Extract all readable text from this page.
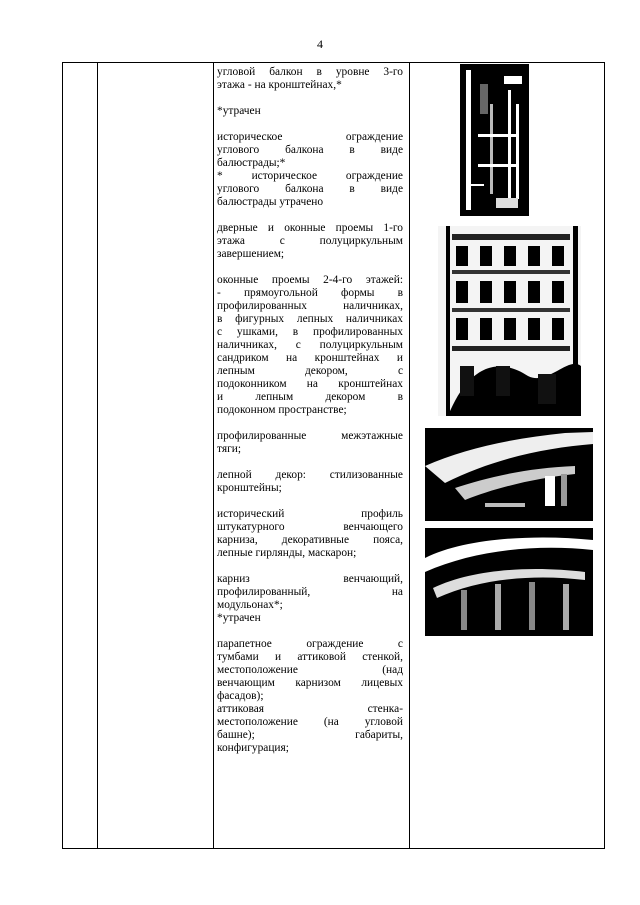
4
угловой балкон в уровне 3-го
этажа - на кронштейнах,*
*утрачен
историческое ограждение
углового балкона в виде
балюстрады;*
* историческое ограждение
углового балкона в виде
балюстрады утрачено
дверные и оконные проемы 1-го
этажа с полуциркульным
завершением;
оконные проемы 2-4-го этажей:
- прямоугольной формы в
профилированных наличниках,
в фигурных лепных наличниках
с ушками, в профилированных
наличниках, с полуциркульным
сандриком на кронштейнах и
лепным декором, с
подоконником на кронштейнах
и лепным декором в
подоконном пространстве;
профилированные межэтажные
тяги;
лепной декор: стилизованные
кронштейны;
исторический профиль
штукатурного венчающего
карниза, декоративные пояса,
лепные гирлянды, маскарон;
карниз венчающий,
профилированный, на
модульонах*;
*утрачен
парапетное ограждение с
тумбами и аттиковой стенкой,
местоположение (над
венчающим карнизом лицевых
фасадов);
аттиковая стенка-
местоположение (на угловой
башне); габариты,
конфигурация;
